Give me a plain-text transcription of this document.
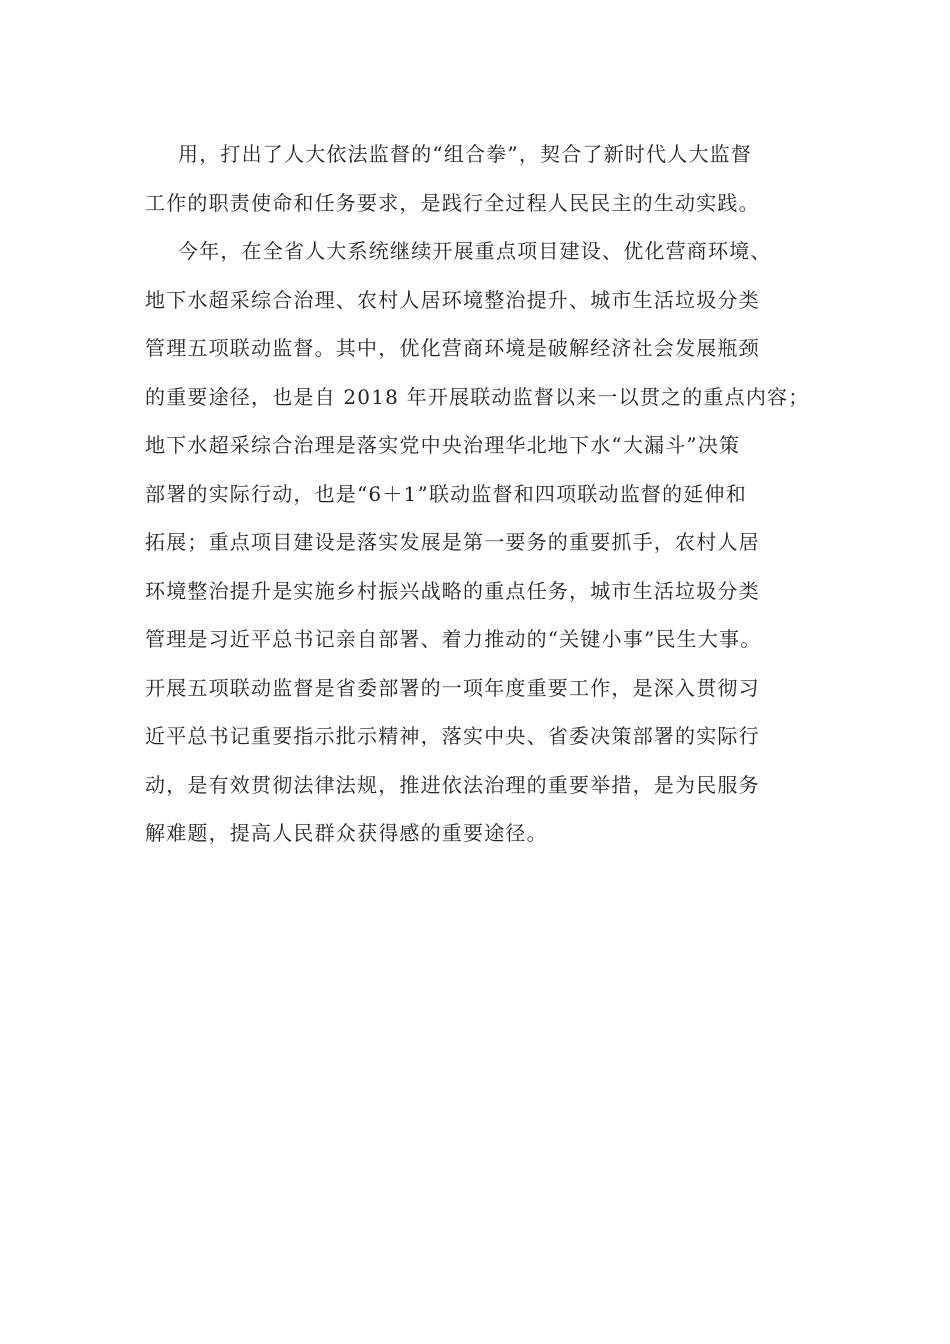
用，打出了人大依法监督的“组合拳”，契合了新时代人大监督
工作的职责使命和任务要求，是践行全过程人民民主的生动实践。
今年，在全省人大系统继续开展重点项目建设、优化营商环境、
地下水超采综合治理、农村人居环境整治提升、城市生活垃圾分类
管理五项联动监督。其中，优化营商环境是破解经济社会发展瓶颈
的重要途径，也是自 2018 年开展联动监督以来一以贯之的重点内容；
地下水超采综合治理是落实党中央治理华北地下水“大漏斗”决策
部署的实际行动，也是“6＋1”联动监督和四项联动监督的延伸和
拓展；重点项目建设是落实发展是第一要务的重要抓手，农村人居
环境整治提升是实施乡村振兴战略的重点任务，城市生活垃圾分类
管理是习近平总书记亲自部署、着力推动的“关键小事”民生大事。
开展五项联动监督是省委部署的一项年度重要工作，是深入贯彻习
近平总书记重要指示批示精神，落实中央、省委决策部署的实际行
动，是有效贯彻法律法规，推进依法治理的重要举措，是为民服务
解难题，提高人民群众获得感的重要途径。
